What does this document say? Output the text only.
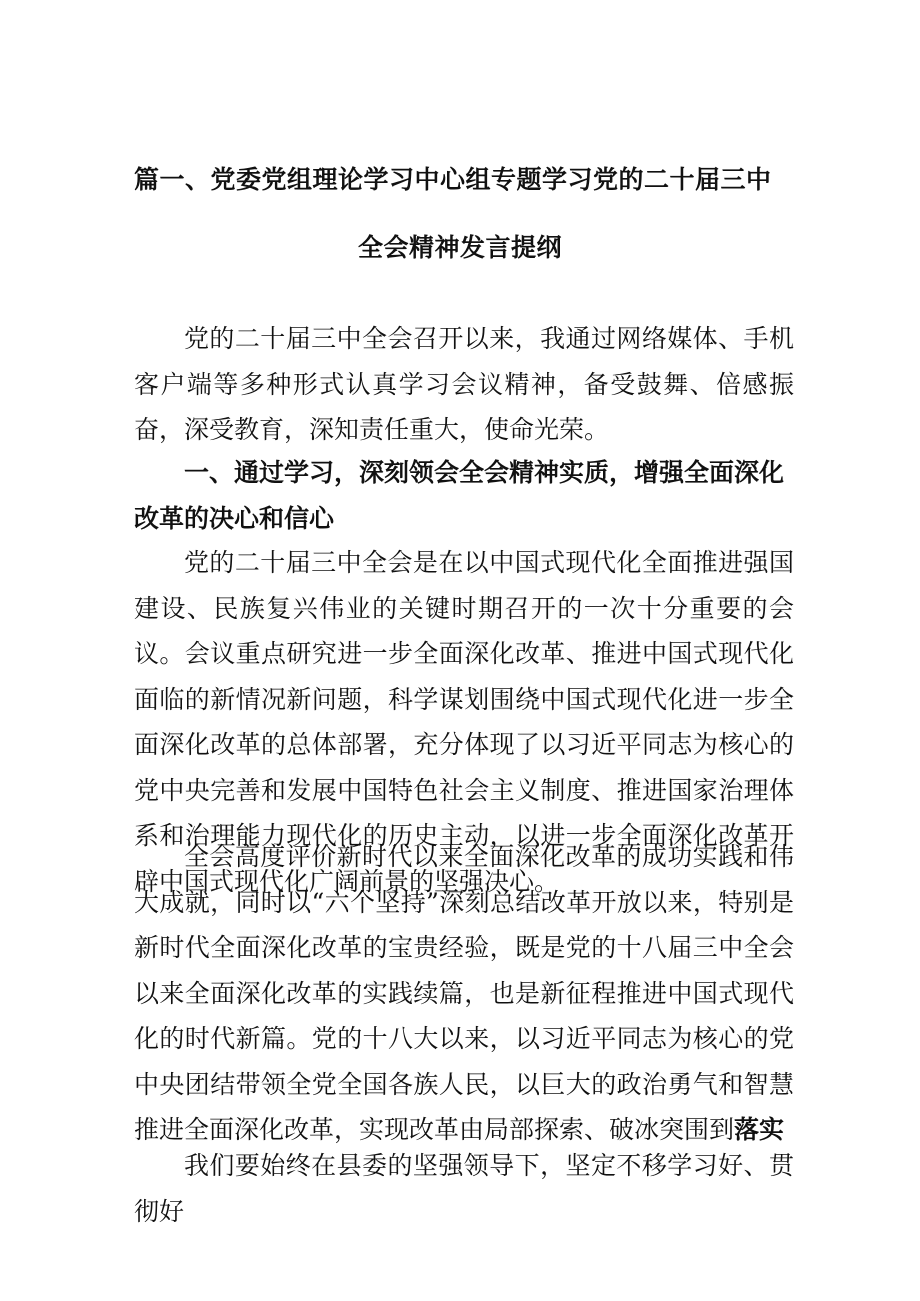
篇一、党委党组理论学习中心组专题学习党的二十届三中
全会精神发言提纲

党的二十届三中全会召开以来，我通过网络媒体、手机客户端等多种形式认真学习会议精神，备受鼓舞、倍感振奋，深受教育，深知责任重大，使命光荣。

一、通过学习，深刻领会全会精神实质，增强全面深化改革的决心和信心

党的二十届三中全会是在以中国式现代化全面推进强国建设、民族复兴伟业的关键时期召开的一次十分重要的会议。会议重点研究进一步全面深化改革、推进中国式现代化面临的新情况新问题，科学谋划围绕中国式现代化进一步全面深化改革的总体部署，充分体现了以习近平同志为核心的党中央完善和发展中国特色社会主义制度、推进国家治理体系和治理能力现代化的历史主动，以进一步全面深化改革开辟中国式现代化广阔前景的坚强决心。

全会高度评价新时代以来全面深化改革的成功实践和伟大成就，同时以“六个坚持”深刻总结改革开放以来，特别是新时代全面深化改革的宝贵经验，既是党的十八届三中全会以来全面深化改革的实践续篇，也是新征程推进中国式现代化的时代新篇。党的十八大以来，以习近平同志为核心的党中央团结带领全党全国各族人民，以巨大的政治勇气和智慧推进全面深化改革，实现改革由局部探索、破冰突围到落实

我们要始终在县委的坚强领导下，坚定不移学习好、贯彻好
